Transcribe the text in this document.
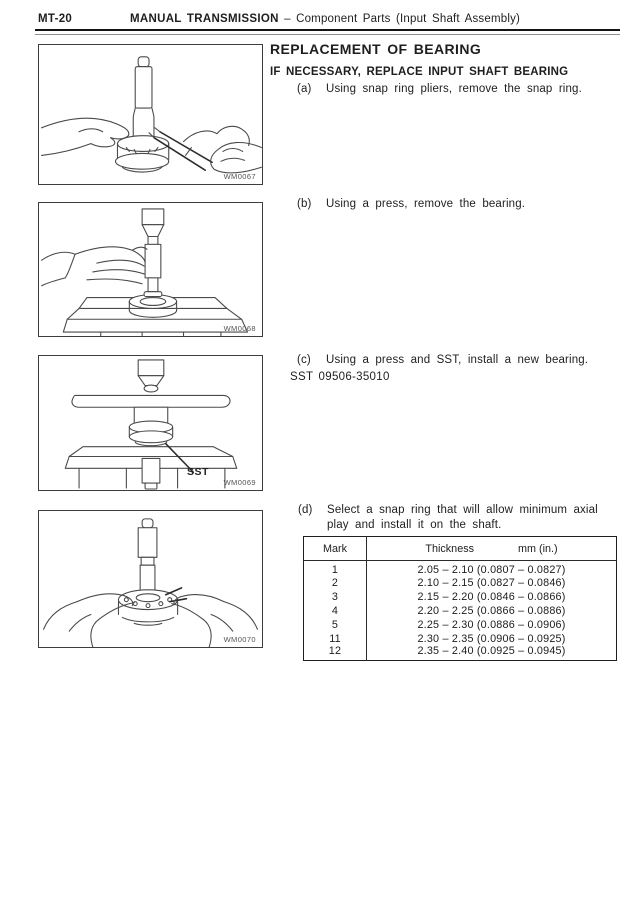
MT-20	MANUAL TRANSMISSION – Component Parts (Input Shaft Assembly)
WM0067
WM0068
SST
WM0069
WM0070
REPLACEMENT OF BEARING
IF NECESSARY, REPLACE INPUT SHAFT BEARING
(a)	Using snap ring pliers, remove the snap ring.
(b)	Using a press, remove the bearing.
(c)	Using a press and SST, install a new bearing.
SST 09506-35010
(d)	Select a snap ring that will allow minimum axial play and install it on the shaft.
Mark	Thickness mm (in.)

1	2.05 – 2.10 (0.0807 – 0.0827)
2	2.10 – 2.15 (0.0827 – 0.0846)
3	2.15 – 2.20 (0.0846 – 0.0866)
4	2.20 – 2.25 (0.0866 – 0.0886)
5	2.25 – 2.30 (0.0886 – 0.0906)
11	2.30 – 2.35 (0.0906 – 0.0925)
12	2.35 – 2.40 (0.0925 – 0.0945)
